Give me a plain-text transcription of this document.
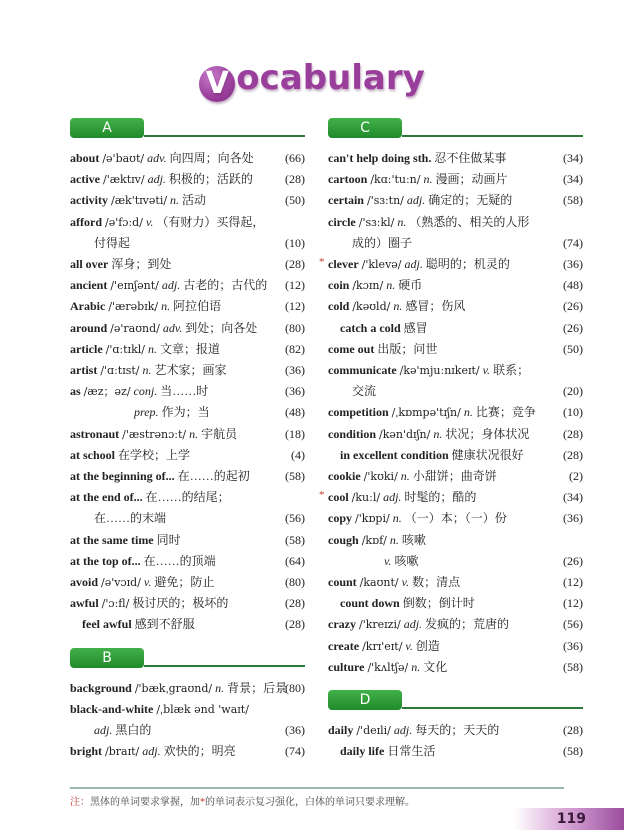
V ocabulary
A
about /ə'baʊt/ adv. 向四周；向各处	(66)
active /'æktɪv/ adj. 积极的；活跃的	(28)
activity /æk'tɪvəti/ n. 活动	(50)
afford /ə'fɔːd/ v. （有财力）买得起，
付得起	(10)
all over 浑身；到处	(28)
ancient /'eɪnʃənt/ adj. 古老的；古代的 (12)
Arabic /'ærəbɪk/ n. 阿拉伯语	(12)
around /ə'raʊnd/ adv. 到处；向各处 (80)
article /'ɑːtɪkl/ n. 文章；报道	(82)
artist /'ɑːtɪst/ n. 艺术家；画家	(36)
as /æz；əz/ conj. 当……时	(36)
prep. 作为；当	(48)
astronaut /'æstrənɔːt/ n. 宇航员	(18)
at school 在学校；上学	(4)
at the beginning of... 在……的起初	(58)
at the end of... 在……的结尾；
在……的末端	(56)
at the same time 同时	(58)
at the top of... 在……的顶端	(64)
avoid /ə'vɔɪd/ v. 避免；防止	(80)
awful /'ɔːfl/ 极讨厌的；极坏的	(28)
feel awful 感到不舒服	(28)
B
background /'bækˌgraʊnd/ n. 背景；后景
(80)
black-and-white /ˌblæk ənd 'waɪt/
adj. 黑白的	(36)
bright /braɪt/ adj. 欢快的；明亮	(74)
C
can't help doing sth. 忍不住做某事	(34)
cartoon /kɑː'tuːn/ n. 漫画；动画片	(34)
certain /'sɜːtn/ adj. 确定的；无疑的	(58)
circle /'sɜːkl/ n. （熟悉的、相关的人形
成的）圈子	(74)
* clever /'klevə/ adj. 聪明的；机灵的	(36)
coin /kɔɪn/ n. 硬币	(48)
cold /kəʊld/ n. 感冒；伤风	(26)
catch a cold 感冒	(26)
come out 出版；问世	(50)
communicate /kə'mjuːnɪkeɪt/ v. 联系；
交流	(20)
competition /ˌkɒmpə'tɪʃn/ n. 比赛；竞争 (10)
condition /kən'dɪʃn/ n. 状况；身体状况	(28)
in excellent condition 健康状况很好	(28)
cookie /'kʊki/ n. 小甜饼；曲奇饼	(2)
* cool /kuːl/ adj. 时髦的；酷的	(34)
copy /'kɒpi/ n. （一）本；（一）份	(36)
cough /kɒf/ n. 咳嗽
v. 咳嗽	(26)
count /kaʊnt/ v. 数；清点	(12)
count down 倒数；倒计时	(12)
crazy /'kreɪzi/ adj. 发疯的；荒唐的	(56)
create /krɪ'eɪt/ v. 创造	(36)
culture /'kʌltʃə/ n. 文化	(58)
D
daily /'deɪli/ adj. 每天的；天天的	(28)
daily life 日常生活	(58)
注：黑体的单词要求掌握，加*的单词表示复习强化，白体的单词只要求理解。
119
